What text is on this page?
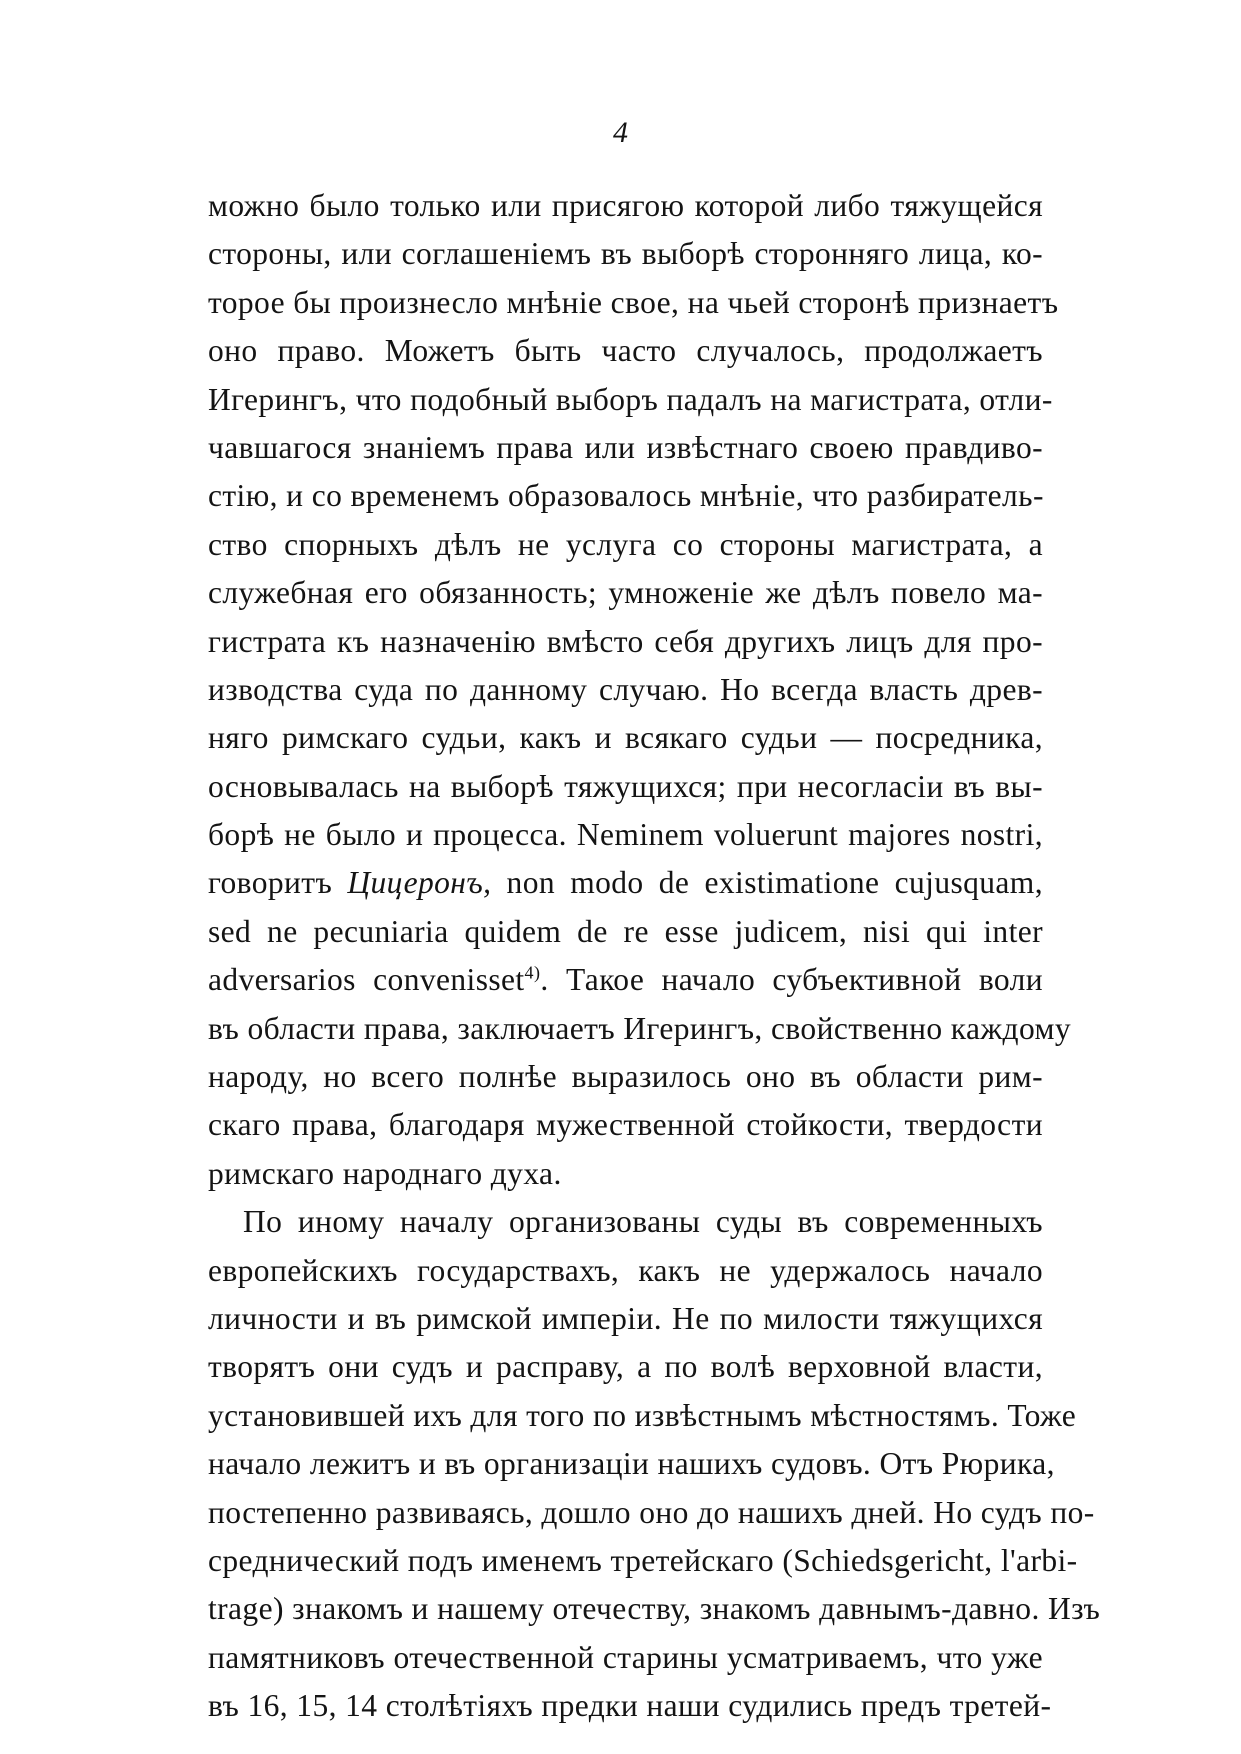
4
можно было только или присягою которой либо тяжущейся
стороны, или соглашеніемъ въ выборѣ сторонняго лица, ко-
торое бы произнесло мнѣніе свое, на чьей сторонѣ признаетъ
оно право. Можетъ быть часто случалось, продолжаетъ
Игерингъ, что подобный выборъ падалъ на магистрата, отли-
чавшагося знаніемъ права или извѣстнаго своею правдиво-
стію, и со временемъ образовалось мнѣніе, что разбиратель-
ство спорныхъ дѣлъ не услуга со стороны магистрата, а
служебная его обязанность; умноженіе же дѣлъ повело ма-
гистрата къ назначенію вмѣсто себя другихъ лицъ для про-
изводства суда по данному случаю. Но всегда власть древ-
няго римскаго судьи, какъ и всякаго судьи — посредника,
основывалась на выборѣ тяжущихся; при несогласіи въ вы-
борѣ не было и процесса. Neminem voluerunt majores nostri,
говоритъ Цицеронъ, non modo de existimatione cujusquam,
sed ne pecuniaria quidem de re esse judicem, nisi qui inter
adversarios convenisset$^{4)}$. Такое начало субъективной воли
въ области права, заключаетъ Игерингъ, свойственно каждому
народу, но всего полнѣе выразилось оно въ области рим-
скаго права, благодаря мужественной стойкости, твердости
римскаго народнаго духа.
По иному началу организованы суды въ современныхъ
европейскихъ государствахъ, какъ не удержалось начало
личности и въ римской имперіи. Не по милости тяжущихся
творятъ они судъ и расправу, а по волѣ верховной власти,
установившей ихъ для того по извѣстнымъ мѣстностямъ. Тоже
начало лежитъ и въ организаціи нашихъ судовъ. Отъ Рюрика,
постепенно развиваясь, дошло оно до нашихъ дней. Но судъ по-
среднический подъ именемъ третейскаго (Schiedsgericht, l'arbi-
trage) знакомъ и нашему отечеству, знакомъ давнымъ-давно. Изъ
памятниковъ отечественной старины усматриваемъ, что уже
въ 16, 15, 14 столѣтіяхъ предки наши судились предъ третей-
